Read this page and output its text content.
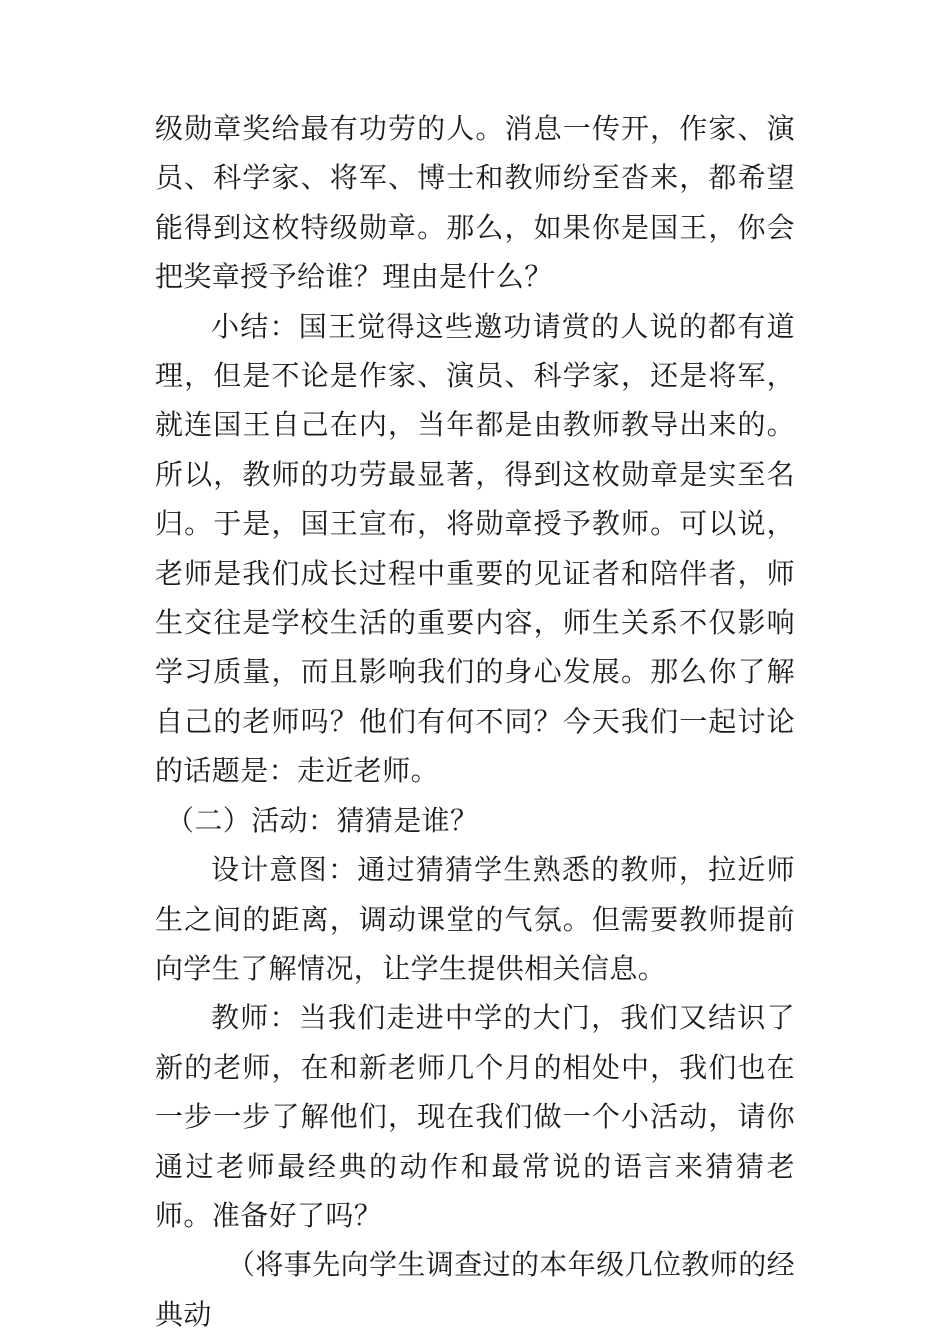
级勋章奖给最有功劳的人。消息一传开，作家、演员、科学家、将军、博士和教师纷至沓来，都希望能得到这枚特级勋章。那么，如果你是国王，你会把奖章授予给谁？理由是什么？

小结：国王觉得这些邀功请赏的人说的都有道理，但是不论是作家、演员、科学家，还是将军，就连国王自己在内，当年都是由教师教导出来的。所以，教师的功劳最显著，得到这枚勋章是实至名归。于是，国王宣布，将勋章授予教师。可以说，老师是我们成长过程中重要的见证者和陪伴者，师生交往是学校生活的重要内容，师生关系不仅影响学习质量，而且影响我们的身心发展。那么你了解自己的老师吗？他们有何不同？今天我们一起讨论的话题是：走近老师。

（二）活动：猜猜是谁？

设计意图：通过猜猜学生熟悉的教师，拉近师生之间的距离，调动课堂的气氛。但需要教师提前向学生了解情况，让学生提供相关信息。

教师：当我们走进中学的大门，我们又结识了新的老师，在和新老师几个月的相处中，我们也在一步一步了解他们，现在我们做一个小活动，请你通过老师最经典的动作和最常说的语言来猜猜老师。准备好了吗？

（将事先向学生调查过的本年级几位教师的经典动
